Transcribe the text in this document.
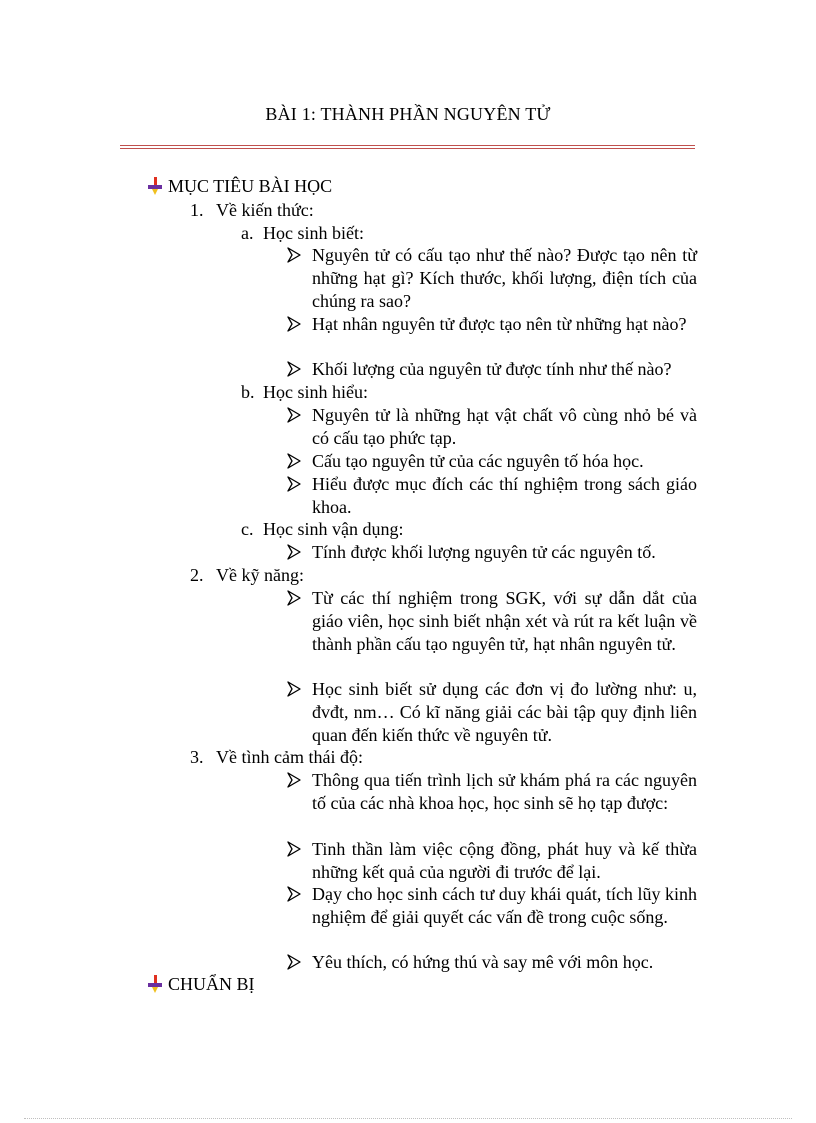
BÀI 1: THÀNH PHẦN NGUYÊN TỬ
MỤC TIÊU BÀI HỌC
1. Về kiến thức:
a. Học sinh biết:
Nguyên tử có cấu tạo như thế nào? Được tạo nên từ những hạt gì? Kích thước, khối lượng, điện tích của chúng ra sao?
Hạt nhân nguyên tử được tạo nên từ những hạt nào?
Khối lượng của nguyên tử được tính như thế nào?
b. Học sinh hiểu:
Nguyên tử là những hạt vật chất vô cùng nhỏ bé và có cấu tạo phức tạp.
Cấu tạo nguyên tử của các nguyên tố hóa học.
Hiểu được mục đích các thí nghiệm trong sách giáo khoa.
c. Học sinh vận dụng:
Tính được khối lượng nguyên tử các nguyên tố.
2. Về kỹ năng:
Từ các thí nghiệm trong SGK, với sự dẫn dắt của giáo viên, học sinh biết nhận xét và rút ra kết luận về thành phần cấu tạo nguyên tử, hạt nhân nguyên tử.
Học sinh biết sử dụng các đơn vị đo lường như: u, đvđt, nm… Có kĩ năng giải các bài tập quy định liên quan đến kiến thức về nguyên tử.
3. Về tình cảm thái độ:
Thông qua tiến trình lịch sử khám phá ra các nguyên tố của các nhà khoa học, học sinh sẽ họ tạp được:
Tinh thần làm việc cộng đồng, phát huy và kế thừa những kết quả của người đi trước để lại.
Dạy cho học sinh cách tư duy khái quát, tích lũy kinh nghiệm để giải quyết các vấn đề trong cuộc sống.
Yêu thích, có hứng thú và say mê với môn học.
CHUẨN BỊ
